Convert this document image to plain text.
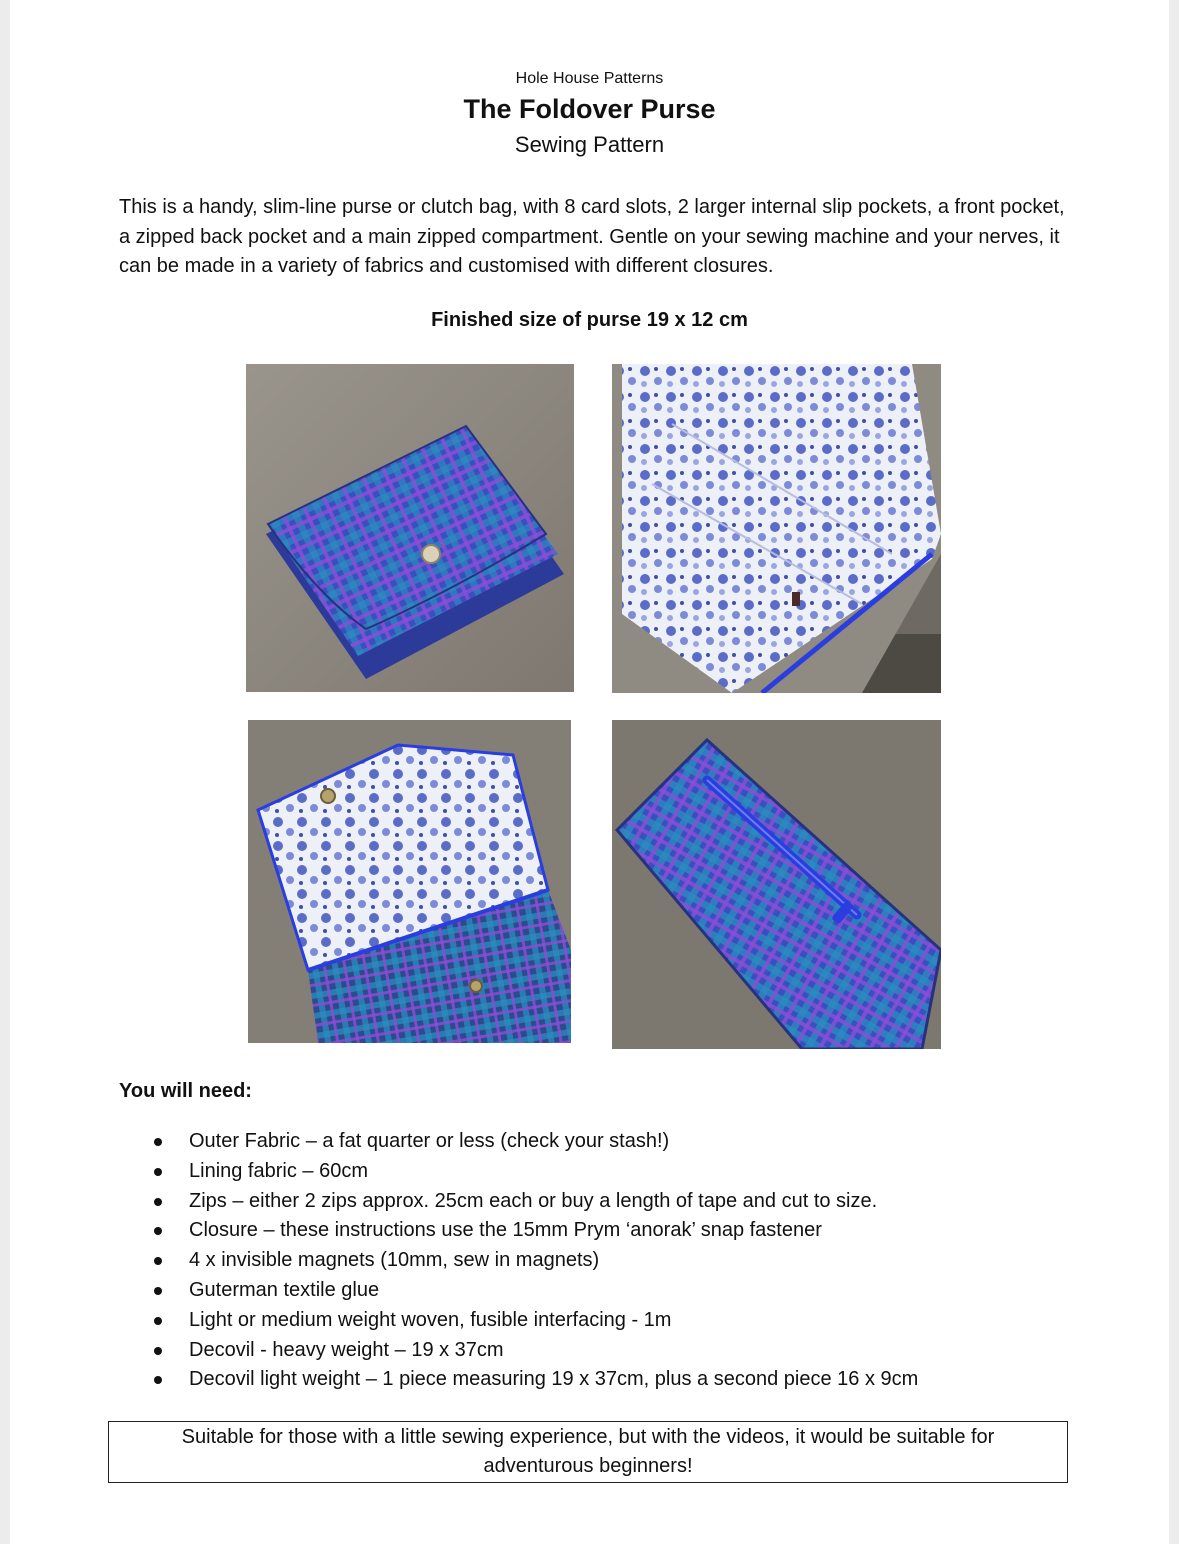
Hole House Patterns
The Foldover Purse
Sewing Pattern

This is a handy, slim-line purse or clutch bag, with 8 card slots, 2 larger internal slip pockets, a front pocket, a zipped back pocket and a main zipped compartment. Gentle on your sewing machine and your nerves, it can be made in a variety of fabrics and customised with different closures.

Finished size of purse 19 x 12 cm
You will need:
Outer Fabric – a fat quarter or less (check your stash!)
Lining fabric – 60cm
Zips – either 2 zips approx. 25cm each or buy a length of tape and cut to size.
Closure – these instructions use the 15mm Prym ‘anorak’ snap fastener
4 x invisible magnets (10mm, sew in magnets)
Guterman textile glue
Light or medium weight woven, fusible interfacing - 1m
Decovil - heavy weight – 19 x 37cm
Decovil light weight – 1 piece measuring 19 x 37cm, plus a second piece 16 x 9cm
Suitable for those with a little sewing experience, but with the videos, it would be suitable for adventurous beginners!
